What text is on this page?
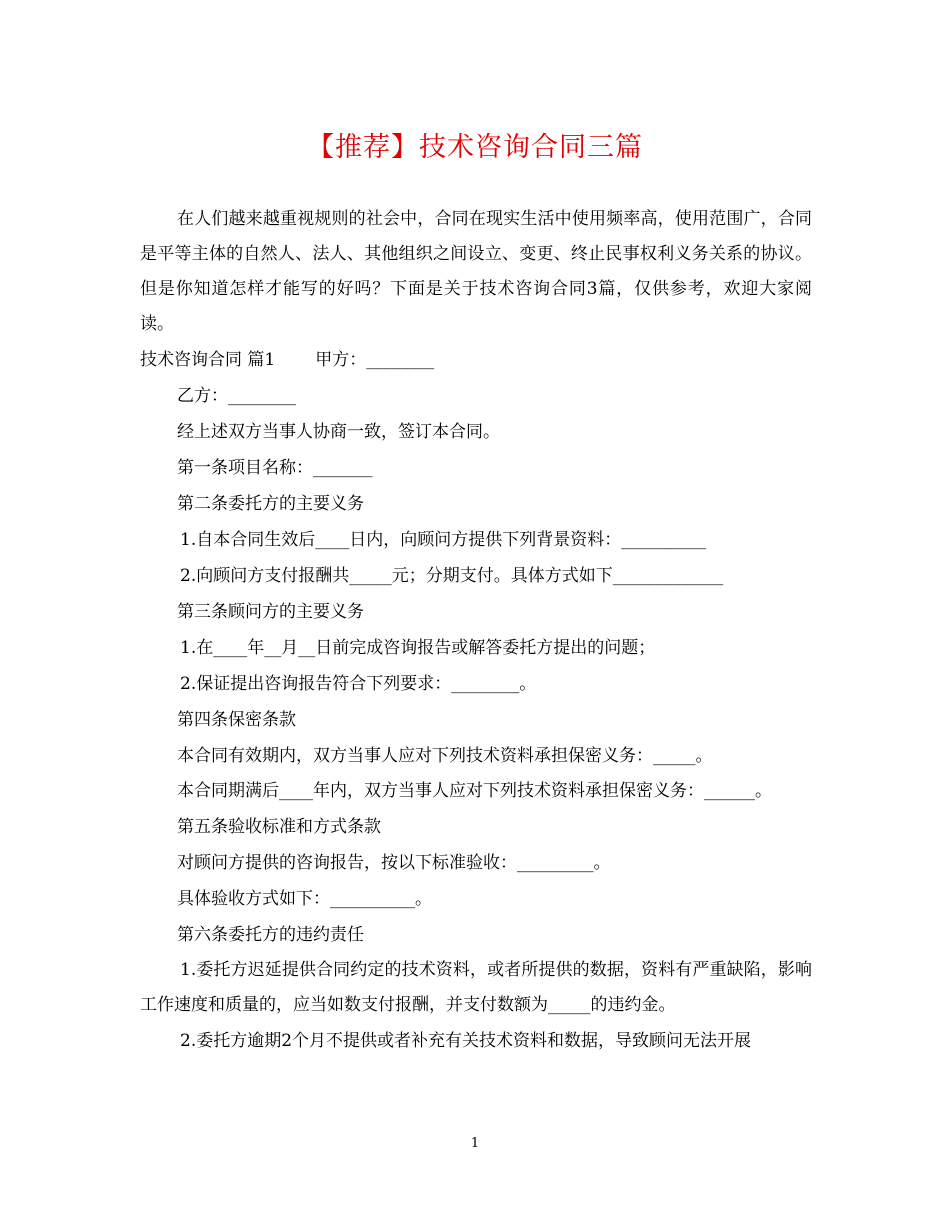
【推荐】技术咨询合同三篇

在人们越来越重视规则的社会中，合同在现实生活中使用频率高，使用范围广，合同是平等主体的自然人、法人、其他组织之间设立、变更、终止民事权利义务关系的协议。但是你知道怎样才能写的好吗？下面是关于技术咨询合同3篇，仅供参考，欢迎大家阅读。

技术咨询合同 篇1 甲方：________
乙方：________
经上述双方当事人协商一致，签订本合同。
第一条项目名称：_______
第二条委托方的主要义务
1.自本合同生效后____日内，向顾问方提供下列背景资料：__________
2.向顾问方支付报酬共_____元；分期支付。具体方式如下_____________
第三条顾问方的主要义务
1.在____年__月__日前完成咨询报告或解答委托方提出的问题；
2.保证提出咨询报告符合下列要求：________。
第四条保密条款
本合同有效期内，双方当事人应对下列技术资料承担保密义务：_____。
本合同期满后____年内，双方当事人应对下列技术资料承担保密义务：______。
第五条验收标准和方式条款
对顾问方提供的咨询报告，按以下标准验收：_________。
具体验收方式如下：__________。
第六条委托方的违约责任
1.委托方迟延提供合同约定的技术资料，或者所提供的数据，资料有严重缺陷，影响工作速度和质量的，应当如数支付报酬，并支付数额为_____的违约金。
2.委托方逾期2个月不提供或者补充有关技术资料和数据，导致顾问无法开展
1
